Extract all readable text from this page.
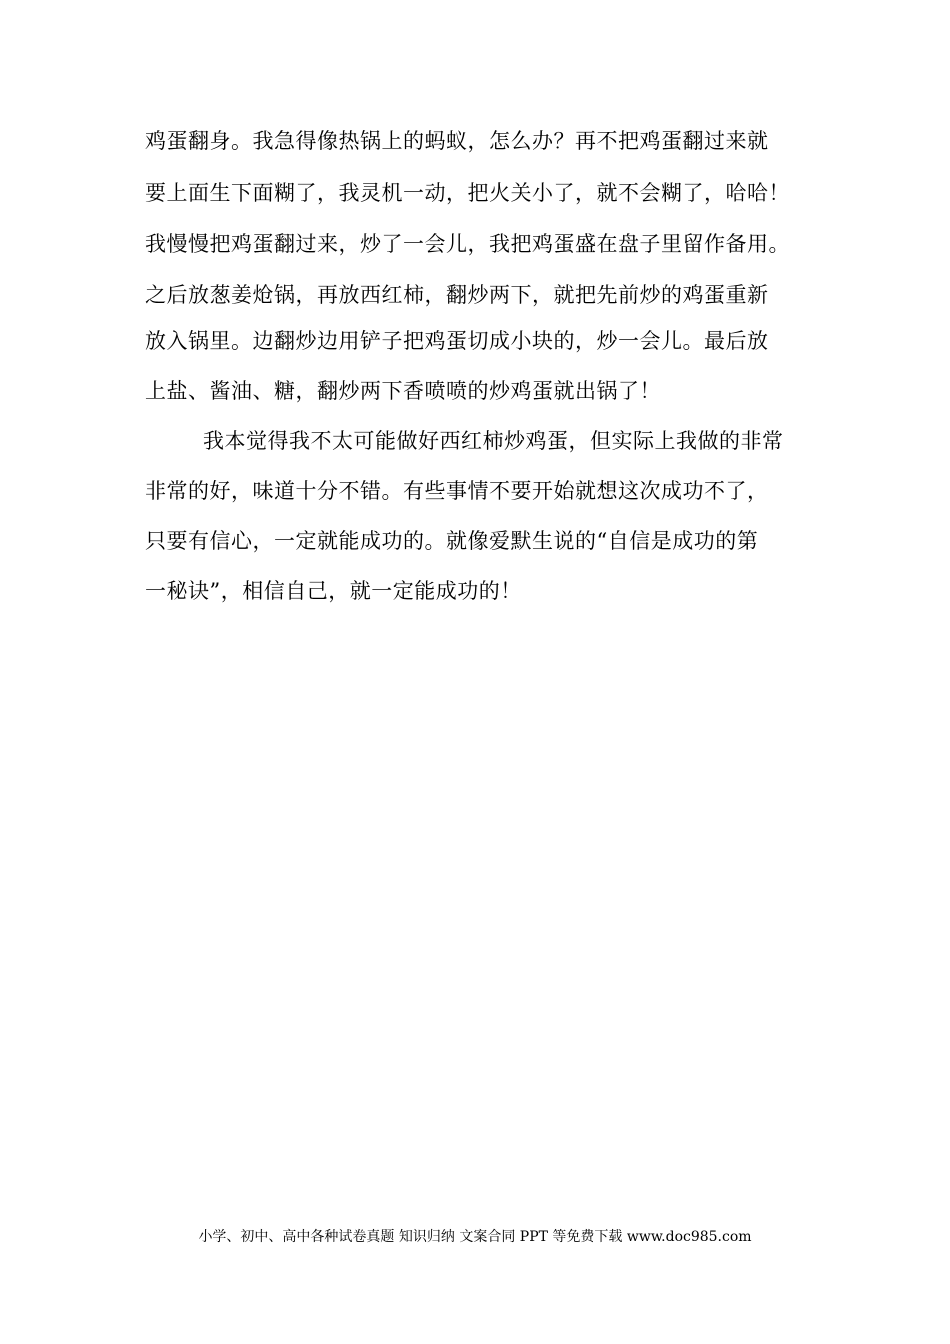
鸡蛋翻身。我急得像热锅上的蚂蚁，怎么办？再不把鸡蛋翻过来就
要上面生下面糊了，我灵机一动，把火关小了，就不会糊了，哈哈！
我慢慢把鸡蛋翻过来，炒了一会儿，我把鸡蛋盛在盘子里留作备用。
之后放葱姜炝锅，再放西红柿，翻炒两下，就把先前炒的鸡蛋重新
放入锅里。边翻炒边用铲子把鸡蛋切成小块的，炒一会儿。最后放
上盐、酱油、糖，翻炒两下香喷喷的炒鸡蛋就出锅了！
我本觉得我不太可能做好西红柿炒鸡蛋，但实际上我做的非常
非常的好，味道十分不错。有些事情不要开始就想这次成功不了，
只要有信心，一定就能成功的。就像爱默生说的“自信是成功的第
一秘诀”，相信自己，就一定能成功的！
小学、初中、高中各种试卷真题 知识归纳 文案合同 PPT 等免费下载 www.doc985.com
